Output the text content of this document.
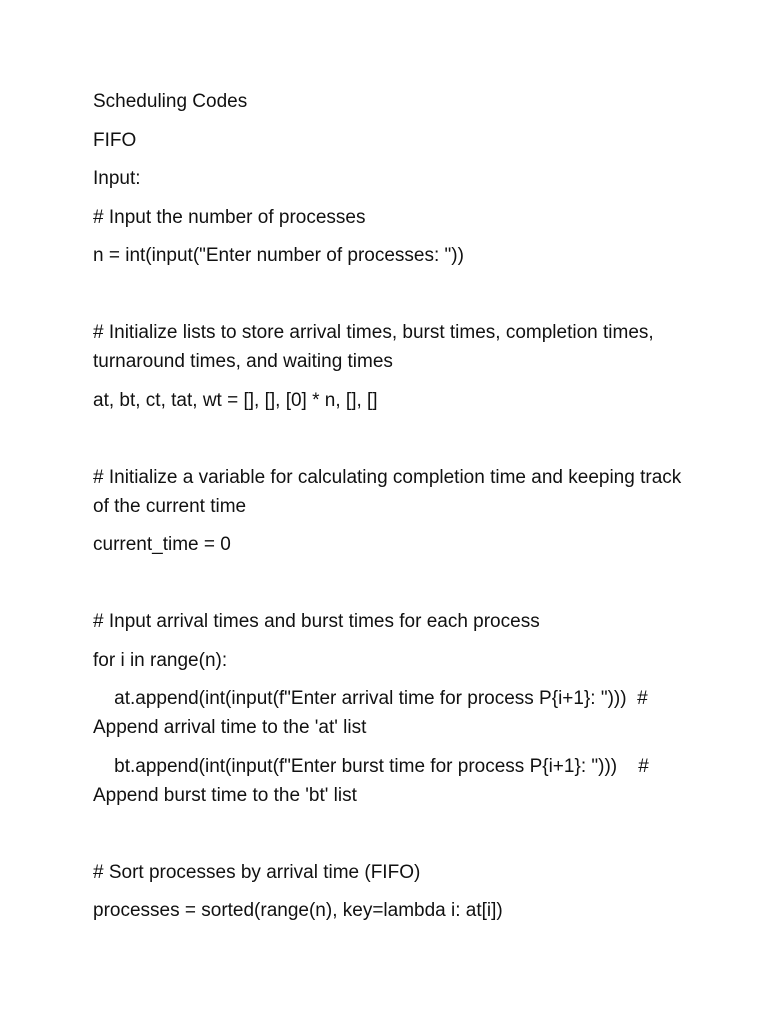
Scheduling Codes

FIFO

Input:

# Input the number of processes

n = int(input("Enter number of processes: "))

# Initialize lists to store arrival times, burst times, completion times, turnaround times, and waiting times

at, bt, ct, tat, wt = [], [], [0] * n, [], []

# Initialize a variable for calculating completion time and keeping track of the current time

current_time = 0

# Input arrival times and burst times for each process

for i in range(n):

at.append(int(input(f"Enter arrival time for process P{i+1}: ")))  # Append arrival time to the 'at' list

bt.append(int(input(f"Enter burst time for process P{i+1}: ")))    # Append burst time to the 'bt' list

# Sort processes by arrival time (FIFO)

processes = sorted(range(n), key=lambda i: at[i])
